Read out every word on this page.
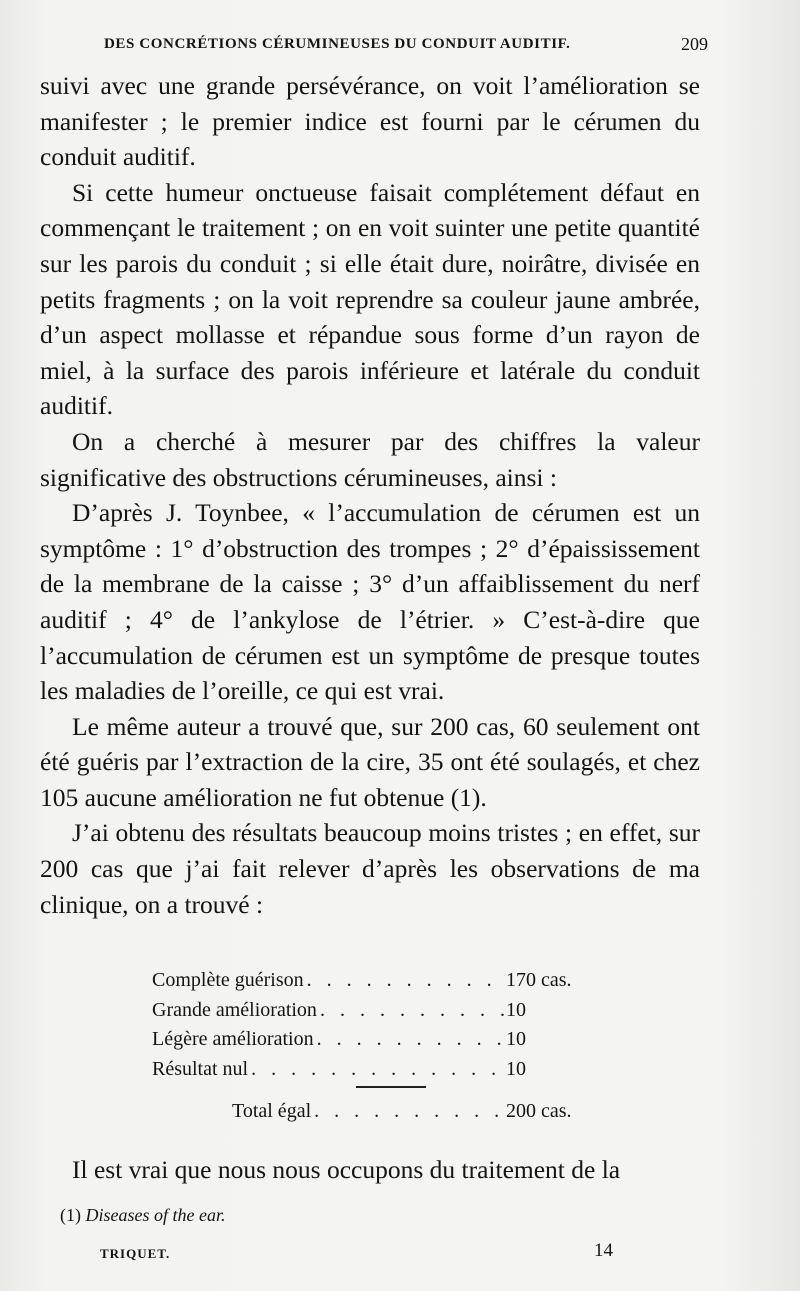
DES CONCRÉTIONS CÉRUMINEUSES DU CONDUIT AUDITIF.	209

suivi avec une grande persévérance, on voit l’amélioration se manifester ; le premier indice est fourni par le cérumen du conduit auditif.

Si cette humeur onctueuse faisait complétement défaut en commençant le traitement ; on en voit suinter une petite quantité sur les parois du conduit ; si elle était dure, noirâtre, divisée en petits fragments ; on la voit reprendre sa couleur jaune ambrée, d’un aspect mollasse et répandue sous forme d’un rayon de miel, à la surface des parois inférieure et latérale du conduit auditif.

On a cherché à mesurer par des chiffres la valeur significative des obstructions cérumineuses, ainsi :

D’après J. Toynbee, « l’accumulation de cérumen est un symptôme : 1° d’obstruction des trompes ; 2° d’épaississement de la membrane de la caisse ; 3° d’un affaiblissement du nerf auditif ; 4° de l’ankylose de l’étrier. » C’est-à-dire que l’accumulation de cérumen est un symptôme de presque toutes les maladies de l’oreille, ce qui est vrai.

Le même auteur a trouvé que, sur 200 cas, 60 seulement ont été guéris par l’extraction de la cire, 35 ont été soulagés, et chez 105 aucune amélioration ne fut obtenue (1).

J’ai obtenu des résultats beaucoup moins tristes ; en effet, sur 200 cas que j’ai fait relever d’après les observations de ma clinique, on a trouvé :

Complète guérison . . .	170 cas.
Grande amélioration . . .	10
Légère amélioration . . .	10
Résultat nul . . .	10
Total égal . . .	200 cas.

Il est vrai que nous nous occupons du traitement de la

(1) Diseases of the ear.
TRIQUET.	14
